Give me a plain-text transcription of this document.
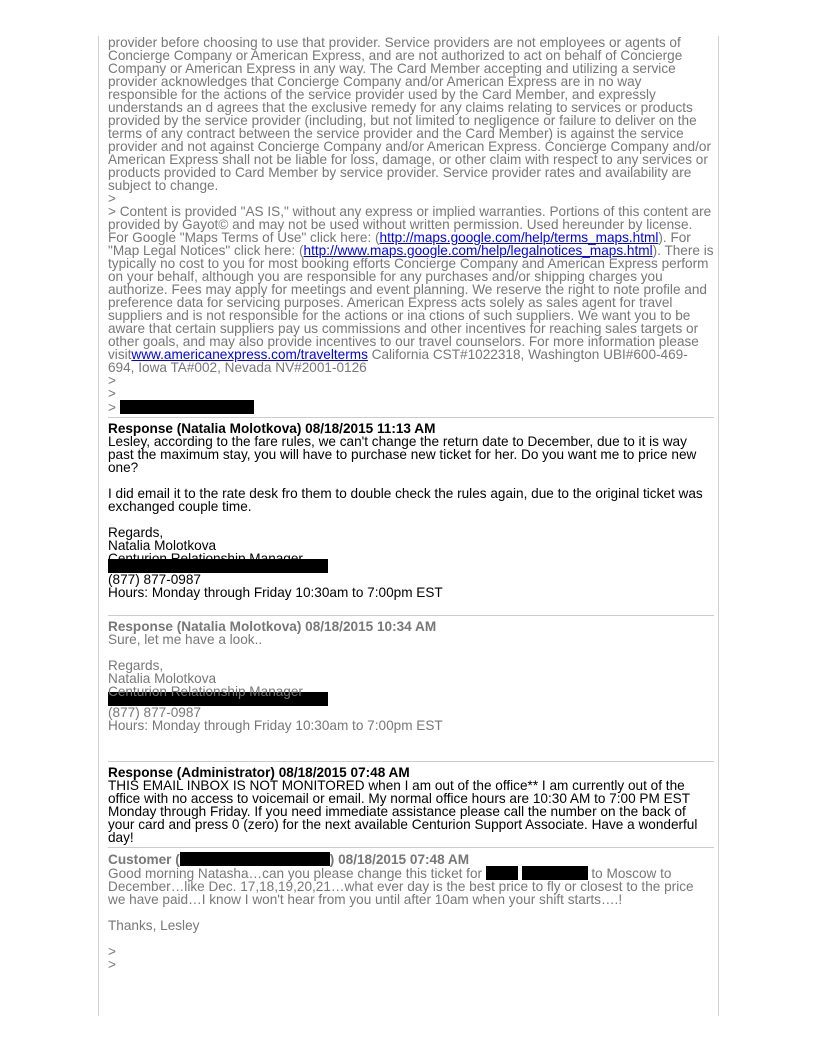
provider before choosing to use that provider. Service providers are not employees or agents of Concierge Company or American Express, and are not authorized to act on behalf of Concierge Company or American Express in any way. The Card Member accepting and utilizing a service provider acknowledges that Concierge Company and/or American Express are in no way responsible for the actions of the service provider used by the Card Member, and expressly understands an d agrees that the exclusive remedy for any claims relating to services or products provided by the service provider (including, but not limited to negligence or failure to deliver on the terms of any contract between the service provider and the Card Member) is against the service provider and not against Concierge Company and/or American Express. Concierge Company and/or American Express shall not be liable for loss, damage, or other claim with respect to any services or products provided to Card Member by service provider. Service provider rates and availability are subject to change.

>

> Content is provided "AS IS," without any express or implied warranties. Portions of this content are provided by Gayot© and may not be used without written permission. Used hereunder by license. For Google "Maps Terms of Use" click here: (http://maps.google.com/help/terms_maps.html). For "Map Legal Notices" click here: (http://www.maps.google.com/help/legalnotices_maps.html). There is typically no cost to you for most booking efforts Concierge Company and American Express perform on your behalf, although you are responsible for any purchases and/or shipping charges you authorize. Fees may apply for meetings and event planning. We reserve the right to note profile and preference data for servicing purposes. American Express acts solely as sales agent for travel suppliers and is not responsible for the actions or ina ctions of such suppliers. We want you to be aware that certain suppliers pay us commissions and other incentives for reaching sales targets or other goals, and may also provide incentives to our travel counselors. For more information please visitwww.americanexpress.com/travelterms California CST#1022318, Washington UBI#600-469-694, Iowa TA#002, Nevada NV#2001-0126

>

>

>

Response (Natalia Molotkova) 08/18/2015 11:13 AM

Lesley, according to the fare rules, we can't change the return date to December, due to it is way past the maximum stay, you will have to purchase new ticket for her. Do you want me to price new one?

I did email it to the rate desk fro them to double check the rules again, due to the original ticket was exchanged couple time.

Regards,

Natalia Molotkova

Centurion Relationship Manager

(877) 877-0987

Hours: Monday through Friday 10:30am to 7:00pm EST

Response (Natalia Molotkova) 08/18/2015 10:34 AM

Sure, let me have a look..

Regards,

Natalia Molotkova

Centurion Relationship Manager

(877) 877-0987

Hours: Monday through Friday 10:30am to 7:00pm EST

Response (Administrator) 08/18/2015 07:48 AM

THIS EMAIL INBOX IS NOT MONITORED when I am out of the office** I am currently out of the office with no access to voicemail or email. My normal office hours are 10:30 AM to 7:00 PM EST Monday through Friday. If you need immediate assistance please call the number on the back of your card and press 0 (zero) for the next available Centurion Support Associate. Have a wonderful day!

Customer (	) 08/18/2015 07:48 AM

Good morning Natasha…can you please change this ticket for	to Moscow to December…like Dec. 17,18,19,20,21…what ever day is the best price to fly or closest to the price we have paid…I know I won't hear from you until after 10am when your shift starts….!

Thanks, Lesley

>

>
